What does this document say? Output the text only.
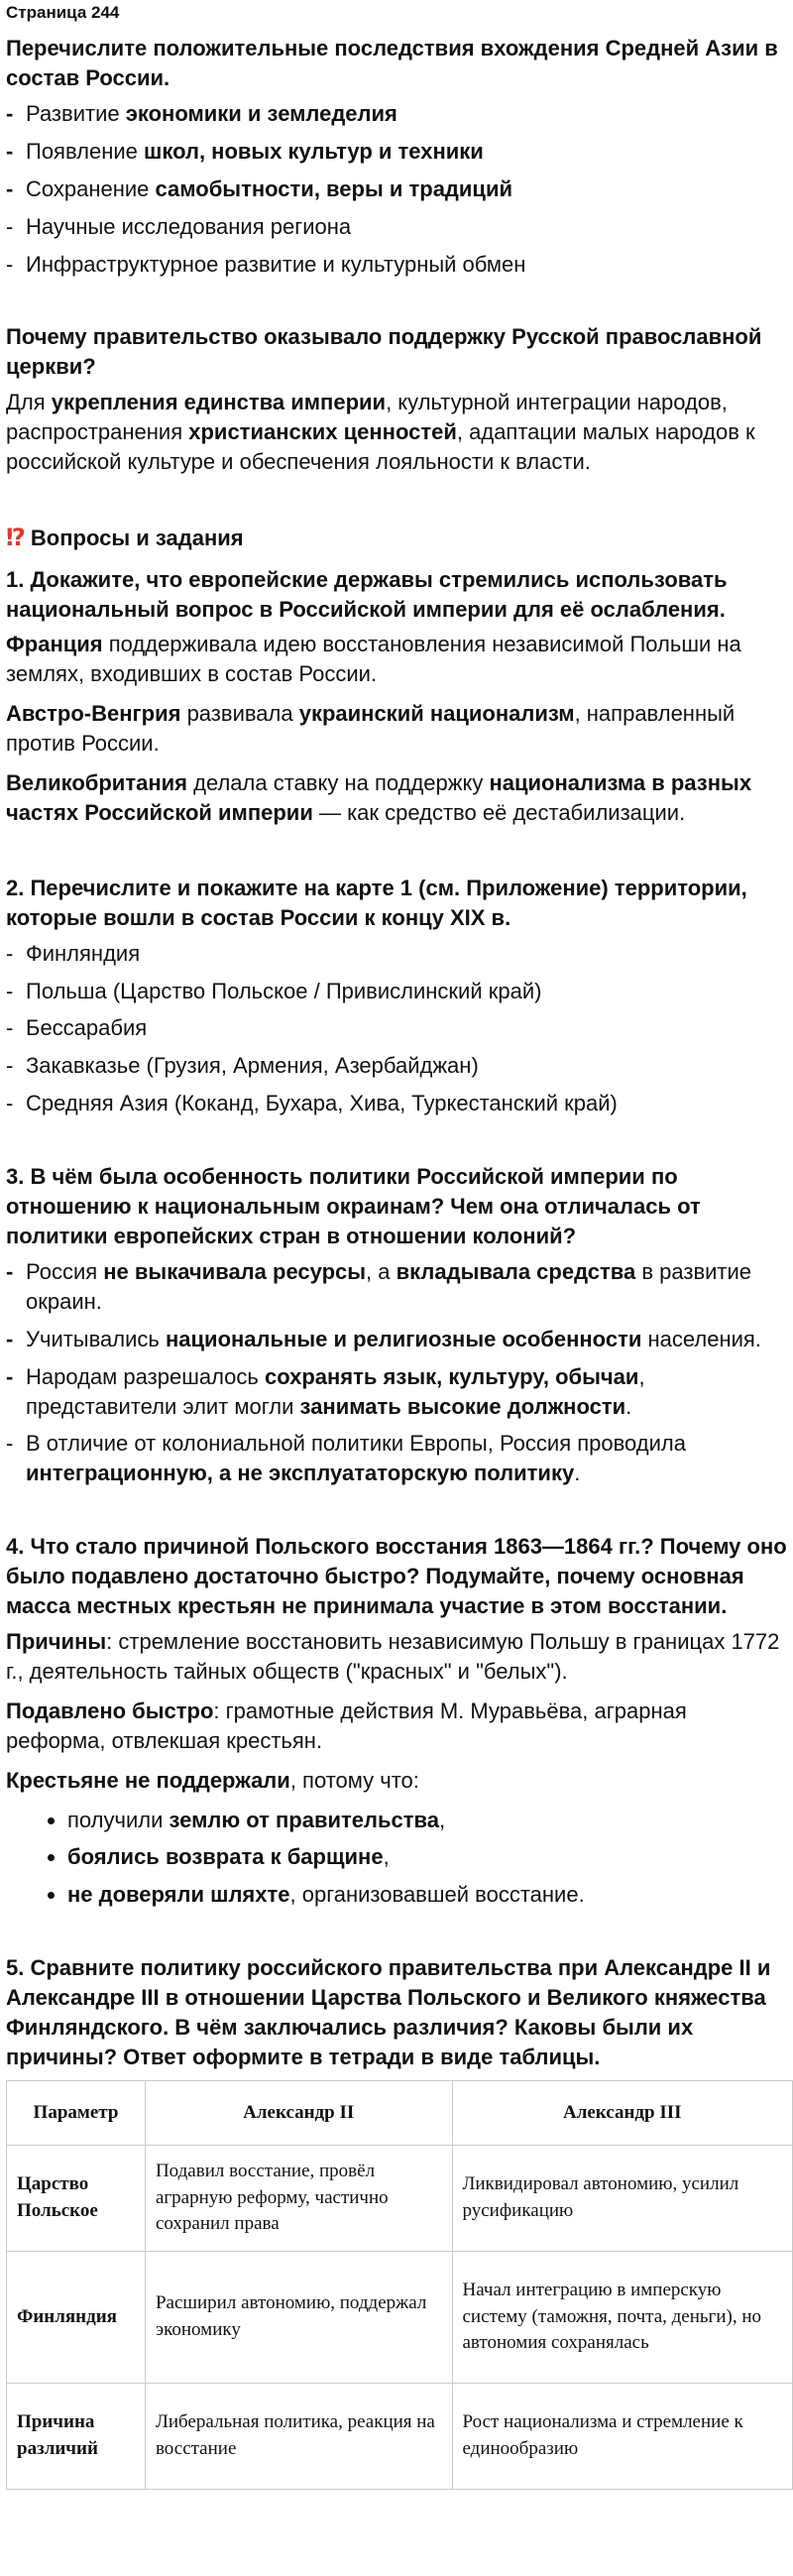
Страница 244
Перечислите положительные последствия вхождения Средней Азии в состав России.
- Развитие экономики и земледелия
- Появление школ, новых культур и техники
- Сохранение самобытности, веры и традиций
- Научные исследования региона
- Инфраструктурное развитие и культурный обмен
Почему правительство оказывало поддержку Русской православной церкви?

Для укрепления единства империи, культурной интеграции народов, распространения христианских ценностей, адаптации малых народов к российской культуре и обеспечения лояльности к власти.

⁉ Вопросы и задания
1. Докажите, что европейские державы стремились использовать национальный вопрос в Российской империи для её ослабления.

Франция поддерживала идею восстановления независимой Польши на землях, входивших в состав России.

Австро-Венгрия развивала украинский национализм, направленный против России.

Великобритания делала ставку на поддержку национализма в разных частях Российской империи — как средство её дестабилизации.

2. Перечислите и покажите на карте 1 (см. Приложение) территории, которые вошли в состав России к концу XIX в.
- Финляндия
- Польша (Царство Польское / Привислинский край)
- Бессарабия
- Закавказье (Грузия, Армения, Азербайджан)
- Средняя Азия (Коканд, Бухара, Хива, Туркестанский край)
3. В чём была особенность политики Российской империи по отношению к национальным окраинам? Чем она отличалась от политики европейских стран в отношении колоний?
- Россия не выкачивала ресурсы, а вкладывала средства в развитие окраин.
- Учитывались национальные и религиозные особенности населения.
- Народам разрешалось сохранять язык, культуру, обычаи, представители элит могли занимать высокие должности.
- В отличие от колониальной политики Европы, Россия проводила интеграционную, а не эксплуататорскую политику.
4. Что стало причиной Польского восстания 1863—1864 гг.? Почему оно было подавлено достаточно быстро? Подумайте, почему основная масса местных крестьян не принимала участие в этом восстании.

Причины: стремление восстановить независимую Польшу в границах 1772 г., деятельность тайных обществ ("красных" и "белых").

Подавлено быстро: грамотные действия М. Муравьёва, аграрная реформа, отвлекшая крестьян.

Крестьяне не поддержали, потому что:

• получили землю от правительства,
• боялись возврата к барщине,
• не доверяли шляхте, организовавшей восстание.
5. Сравните политику российского правительства при Александре II и Александре III в отношении Царства Польского и Великого княжества Финляндского. В чём заключались различия? Каковы были их причины? Ответ оформите в тетради в виде таблицы.
Параметр	Александр II	Александр III
Царство Польское	Подавил восстание, провёл аграрную реформу, частично сохранил права	Ликвидировал автономию, усилил русификацию
Финляндия	Расширил автономию, поддержал экономику	Начал интеграцию в имперскую систему (таможня, почта, деньги), но автономия сохранялась
Причина различий	Либеральная политика, реакция на восстание	Рост национализма и стремление к единообразию
